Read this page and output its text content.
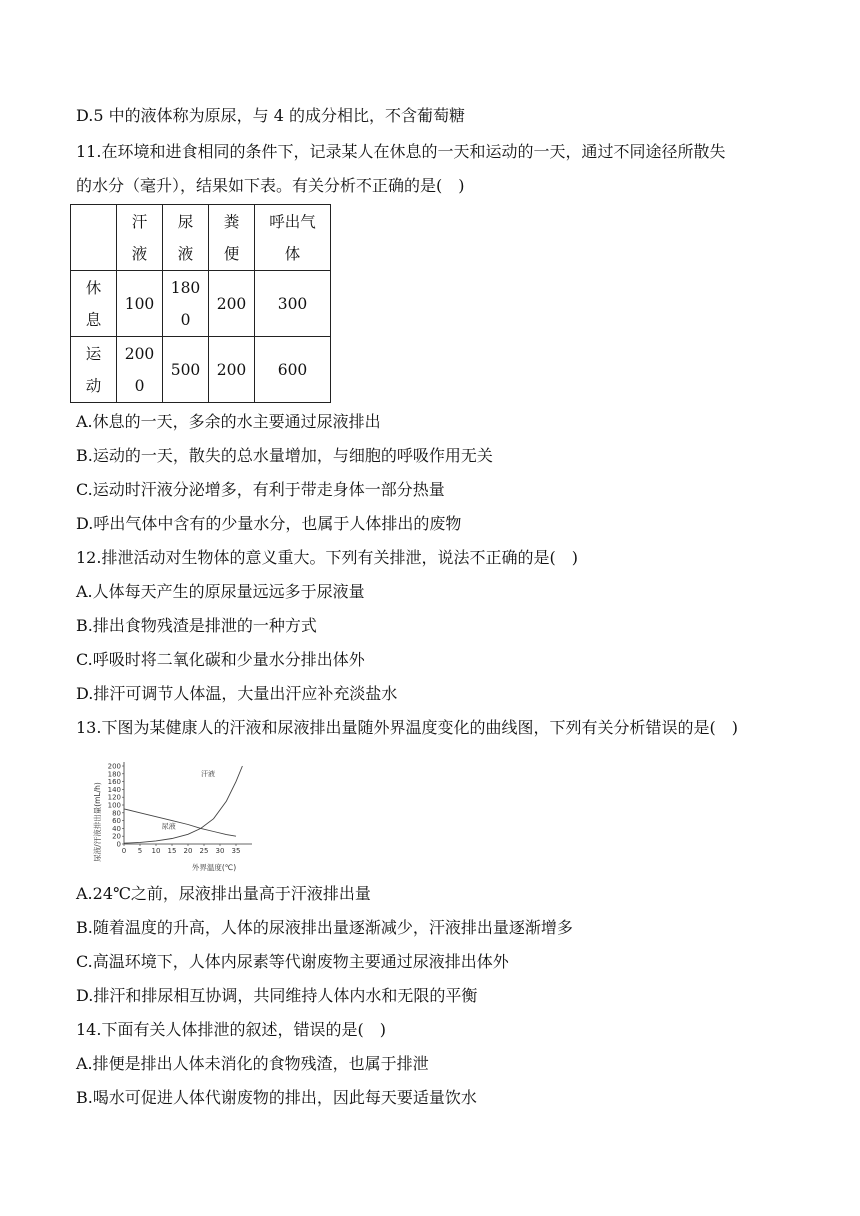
D.5 中的液体称为原尿，与 4 的成分相比，不含葡萄糖
11.在环境和进食相同的条件下，记录某人在休息的一天和运动的一天，通过不同途径所散失
的水分（毫升），结果如下表。有关分析不正确的是(　)
	汗液	尿液	粪便	呼出气体
休息	100	1800	200	300
运动	2000	500	200	600
A.休息的一天，多余的水主要通过尿液排出
B.运动的一天，散失的总水量增加，与细胞的呼吸作用无关
C.运动时汗液分泌增多，有利于带走身体一部分热量
D.呼出气体中含有的少量水分，也属于人体排出的废物
12.排泄活动对生物体的意义重大。下列有关排泄，说法不正确的是(　)
A.人体每天产生的原尿量远远多于尿液量
B.排出食物残渣是排泄的一种方式
C.呼吸时将二氧化碳和少量水分排出体外
D.排汗可调节人体温，大量出汗应补充淡盐水
13.下图为某健康人的汗液和尿液排出量随外界温度变化的曲线图，下列有关分析错误的是(　)
0
20
40
60
80
100
120
140
160
180
200
0 5 10 15 20 25 30 35
汗液
尿液
尿液/汗液排出量(mL/h)
外界温度(℃)
A.24℃之前，尿液排出量高于汗液排出量
B.随着温度的升高，人体的尿液排出量逐渐减少，汗液排出量逐渐增多
C.高温环境下，人体内尿素等代谢废物主要通过尿液排出体外
D.排汗和排尿相互协调，共同维持人体内水和无限的平衡
14.下面有关人体排泄的叙述，错误的是(　)
A.排便是排出人体未消化的食物残渣，也属于排泄
B.喝水可促进人体代谢废物的排出，因此每天要适量饮水
